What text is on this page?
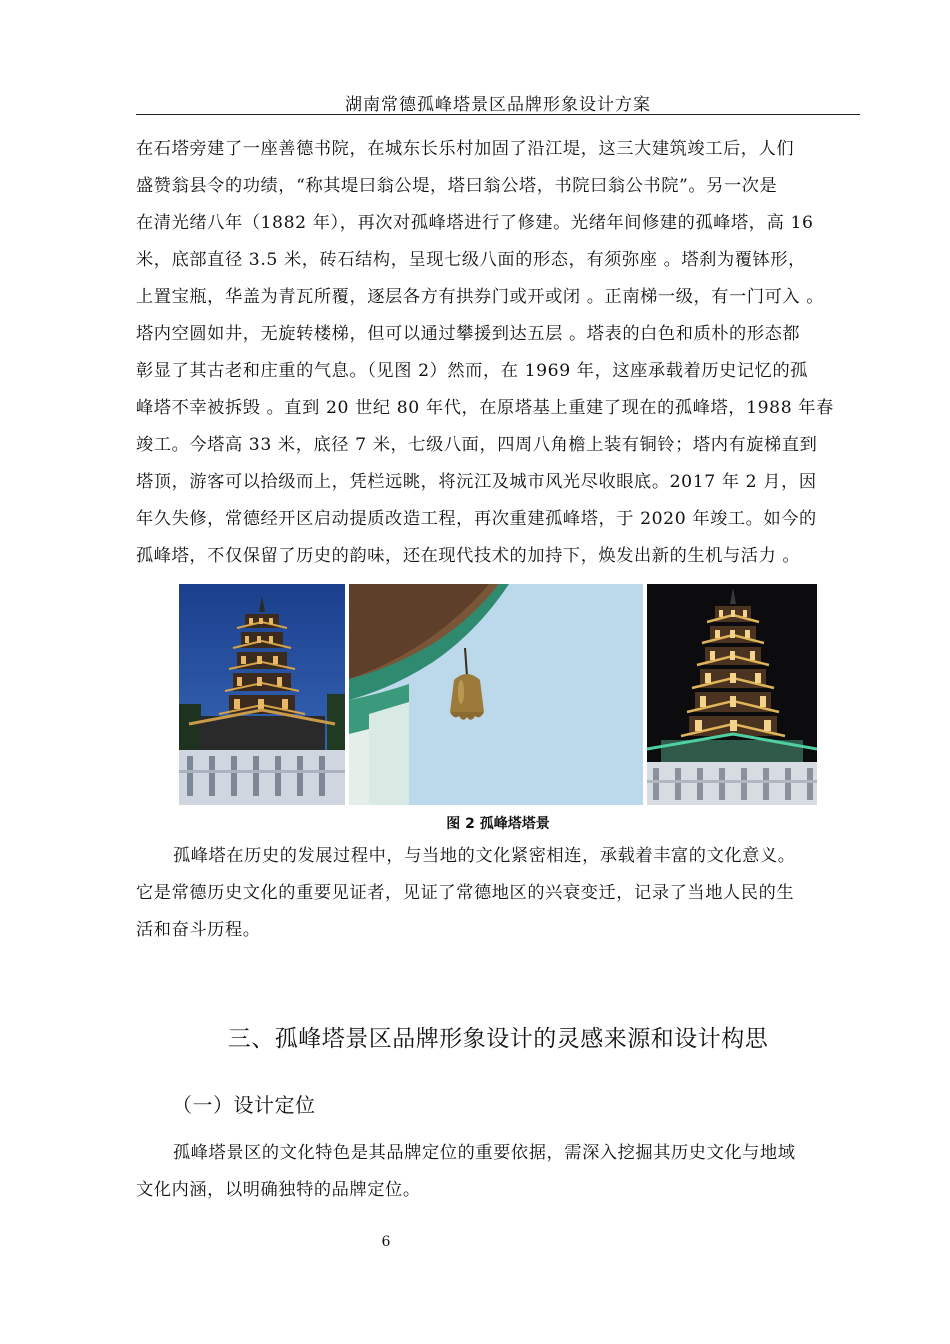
湖南常德孤峰塔景区品牌形象设计方案

在石塔旁建了一座善德书院，在城东长乐村加固了沿江堤，这三大建筑竣工后，人们

盛赞翁县令的功绩，“称其堤曰翁公堤，塔曰翁公塔，书院曰翁公书院”。另一次是

在清光绪八年（1882 年），再次对孤峰塔进行了修建。光绪年间修建的孤峰塔，高 16

米，底部直径 3.5 米，砖石结构，呈现七级八面的形态，有须弥座 。塔刹为覆钵形，

上置宝瓶，华盖为青瓦所覆，逐层各方有拱券门或开或闭 。正南梯一级，有一门可入 。

塔内空圆如井，无旋转楼梯，但可以通过攀援到达五层 。塔表的白色和质朴的形态都

彰显了其古老和庄重的气息。（见图 2）然而，在 1969 年，这座承载着历史记忆的孤

峰塔不幸被拆毁 。直到 20 世纪 80 年代，在原塔基上重建了现在的孤峰塔，1988 年春

竣工。今塔高 33 米，底径 7 米，七级八面，四周八角檐上装有铜铃；塔内有旋梯直到

塔顶，游客可以拾级而上，凭栏远眺，将沅江及城市风光尽收眼底。2017 年 2 月，因

年久失修，常德经开区启动提质改造工程，再次重建孤峰塔，于 2020 年竣工。如今的

孤峰塔，不仅保留了历史的韵味，还在现代技术的加持下，焕发出新的生机与活力 。

图 2 孤峰塔塔景

孤峰塔在历史的发展过程中，与当地的文化紧密相连，承载着丰富的文化意义。

它是常德历史文化的重要见证者，见证了常德地区的兴衰变迁，记录了当地人民的生

活和奋斗历程。

三、孤峰塔景区品牌形象设计的灵感来源和设计构思
（一）设计定位

孤峰塔景区的文化特色是其品牌定位的重要依据，需深入挖掘其历史文化与地域

文化内涵，以明确独特的品牌定位。

6
